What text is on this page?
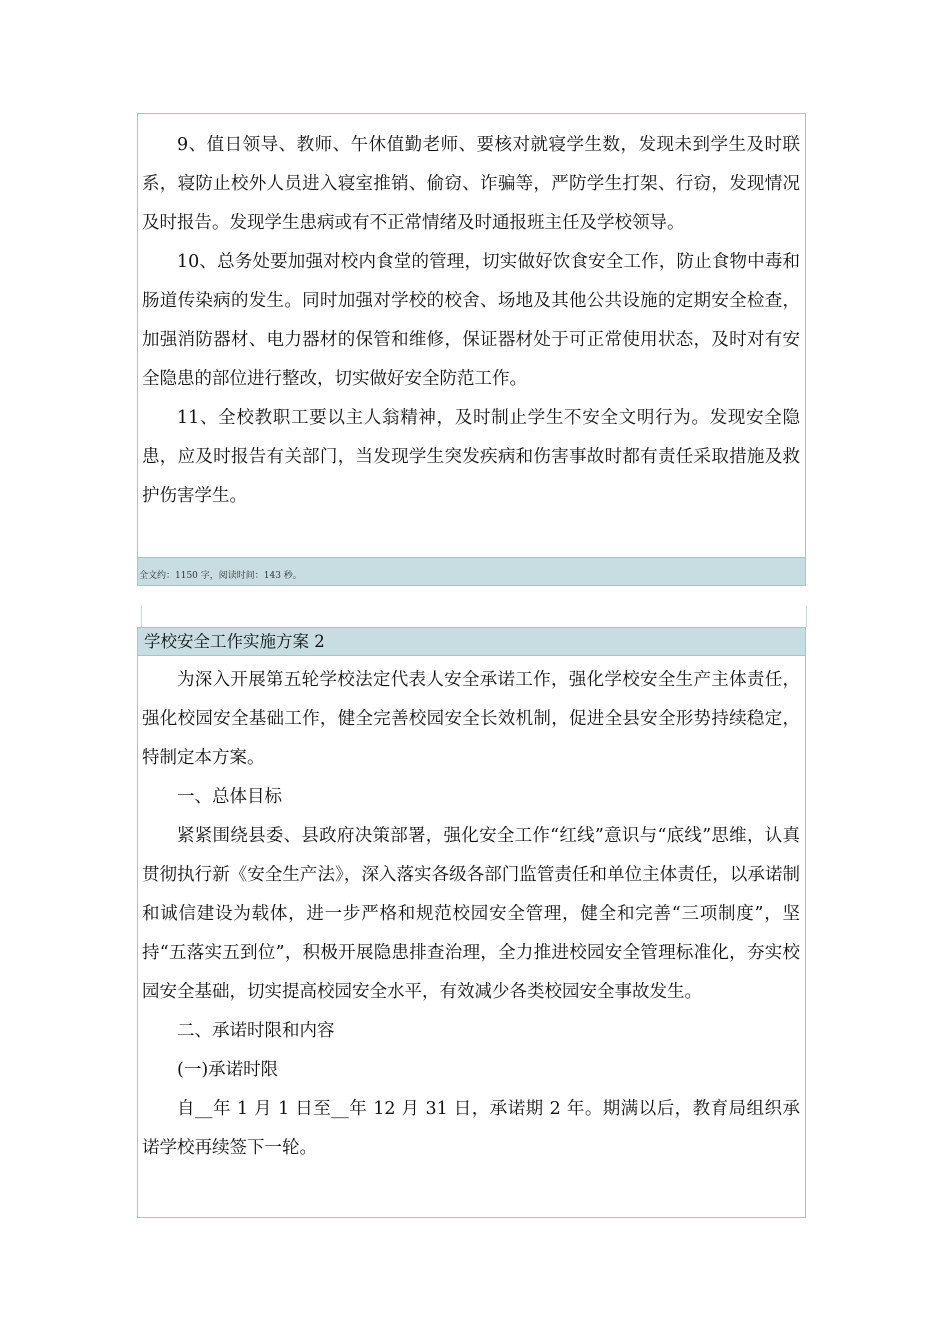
9、值日领导、教师、午休值勤老师、要核对就寝学生数，发现未到学生及时联系，寝防止校外人员进入寝室推销、偷窃、诈骗等，严防学生打架、行窃，发现情况及时报告。发现学生患病或有不正常情绪及时通报班主任及学校领导。

10、总务处要加强对校内食堂的管理，切实做好饮食安全工作，防止食物中毒和肠道传染病的发生。同时加强对学校的校舍、场地及其他公共设施的定期安全检查，加强消防器材、电力器材的保管和维修，保证器材处于可正常使用状态，及时对有安全隐患的部位进行整改，切实做好安全防范工作。

11、全校教职工要以主人翁精神，及时制止学生不安全文明行为。发现安全隐患，应及时报告有关部门，当发现学生突发疾病和伤害事故时都有责任采取措施及救护伤害学生。

全文约：1150 字，阅读时间：143 秒。
学校安全工作实施方案 2

为深入开展第五轮学校法定代表人安全承诺工作，强化学校安全生产主体责任，强化校园安全基础工作，健全完善校园安全长效机制，促进全县安全形势持续稳定，特制定本方案。

一、总体目标

紧紧围绕县委、县政府决策部署，强化安全工作“红线”意识与“底线”思维，认真贯彻执行新《安全生产法》，深入落实各级各部门监管责任和单位主体责任，以承诺制和诚信建设为载体，进一步严格和规范校园安全管理，健全和完善“三项制度”，坚持“五落实五到位”，积极开展隐患排查治理，全力推进校园安全管理标准化，夯实校园安全基础，切实提高校园安全水平，有效减少各类校园安全事故发生。

二、承诺时限和内容

(一)承诺时限

自__年 1 月 1 日至__年 12 月 31 日，承诺期 2 年。期满以后，教育局组织承诺学校再续签下一轮。
